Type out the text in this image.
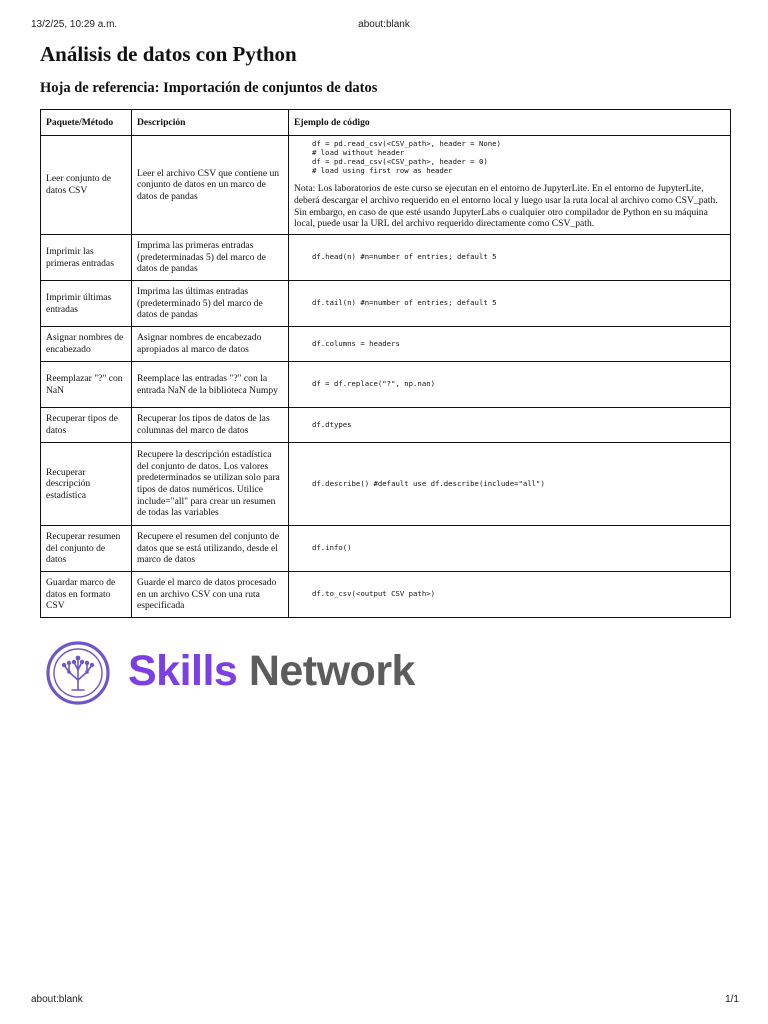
13/2/25, 10:29 a.m.	about:blank
Análisis de datos con Python
Hoja de referencia: Importación de conjuntos de datos
Paquete/Método	Descripción	Ejemplo de código
Leer conjunto de datos CSV	Leer el archivo CSV que contiene un conjunto de datos en un marco de datos de pandas	df = pd.read_csv(<CSV_path>, header = None)
# load without header
df = pd.read_csv(<CSV_path>, header = 0)
# load using first row as header
Nota: Los laboratorios de este curso se ejecutan en el entorno de JupyterLite. En el entorno de JupyterLite, deberá descargar el archivo requerido en el entorno local y luego usar la ruta local al archivo como CSV_path. Sin embargo, en caso de que esté usando JupyterLabs o cualquier otro compilador de Python en su máquina local, puede usar la URL del archivo requerido directamente como CSV_path.

Imprimir las primeras entradas	Imprima las primeras entradas (predeterminadas 5) del marco de datos de pandas	df.head(n) #n=number of entries; default 5

Imprimir últimas entradas	Imprima las últimas entradas (predeterminado 5) del marco de datos de pandas	df.tail(n) #n=number of entries; default 5

Asignar nombres de encabezado	Asignar nombres de encabezado apropiados al marco de datos	df.columns = headers

Reemplazar "?" con NaN	Reemplace las entradas "?" con la entrada NaN de la biblioteca Numpy	df = df.replace("?", np.nan)

Recuperar tipos de datos	Recuperar los tipos de datos de las columnas del marco de datos	df.dtypes

Recuperar descripción estadística	Recupere la descripción estadística del conjunto de datos. Los valores predeterminados se utilizan solo para tipos de datos numéricos. Utilice include="all" para crear un resumen de todas las variables	df.describe() #default use df.describe(include="all")

Recuperar resumen del conjunto de datos	Recupere el resumen del conjunto de datos que se está utilizando, desde el marco de datos	df.info()

Guardar marco de datos en formato CSV	Guarde el marco de datos procesado en un archivo CSV con una ruta especificada	df.to_csv(<output CSV path>)
Skills Network
about:blank	1/1
